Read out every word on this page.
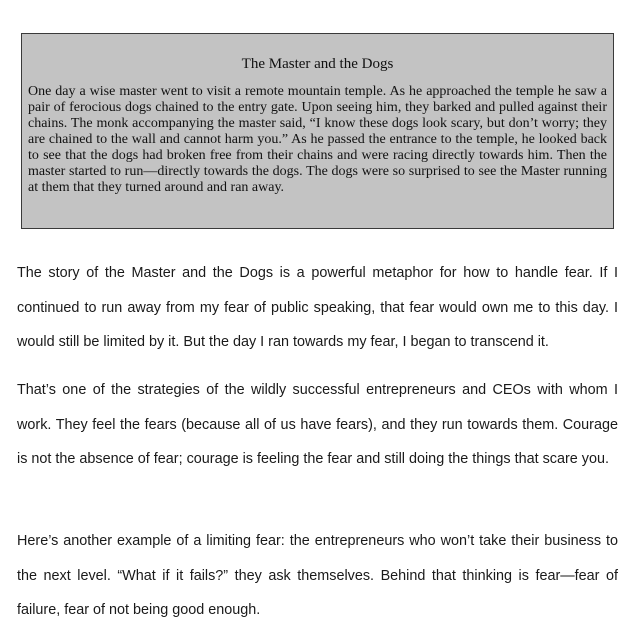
The Master and the Dogs

One day a wise master went to visit a remote mountain temple. As he approached the temple he saw a pair of ferocious dogs chained to the entry gate. Upon seeing him, they barked and pulled against their chains. The monk accompanying the master said, “I know these dogs look scary, but don’t worry; they are chained to the wall and cannot harm you.” As he passed the entrance to the temple, he looked back to see that the dogs had broken free from their chains and were racing directly towards him. Then the master started to run—directly towards the dogs. The dogs were so surprised to see the Master running at them that they turned around and ran away.

The story of the Master and the Dogs is a powerful metaphor for how to handle fear. If I continued to run away from my fear of public speaking, that fear would own me to this day. I would still be limited by it. But the day I ran towards my fear, I began to transcend it.

That’s one of the strategies of the wildly successful entrepreneurs and CEOs with whom I work. They feel the fears (because all of us have fears), and they run towards them. Courage is not the absence of fear; courage is feeling the fear and still doing the things that scare you.

Here’s another example of a limiting fear: the entrepreneurs who won’t take their business to the next level. “What if it fails?” they ask themselves. Behind that thinking is fear—fear of failure, fear of not being good enough.
